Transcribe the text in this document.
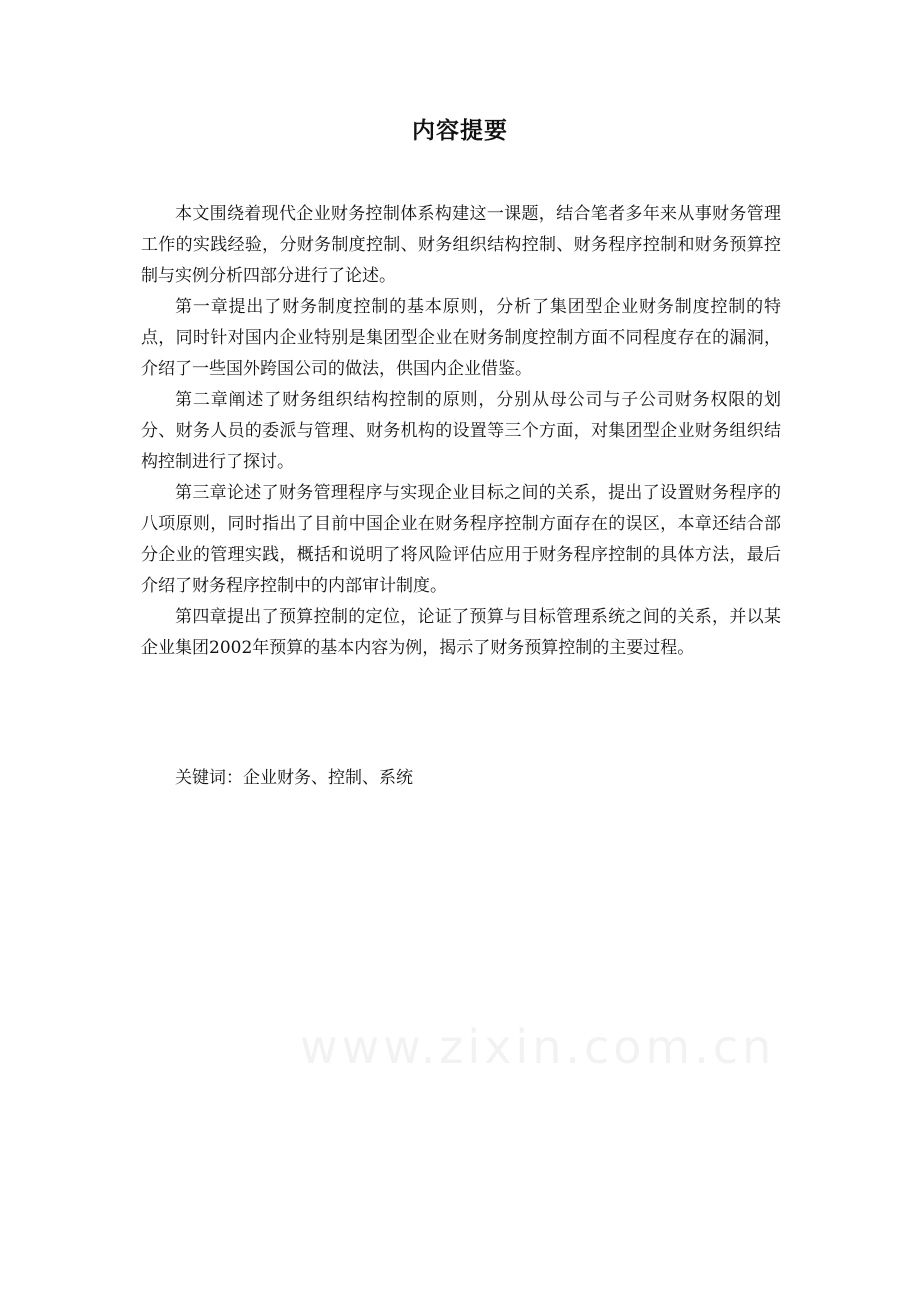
内容提要

本文围绕着现代企业财务控制体系构建这一课题，结合笔者多年来从事财务管理工作的实践经验，分财务制度控制、财务组织结构控制、财务程序控制和财务预算控制与实例分析四部分进行了论述。

第一章提出了财务制度控制的基本原则，分析了集团型企业财务制度控制的特点，同时针对国内企业特别是集团型企业在财务制度控制方面不同程度存在的漏洞，介绍了一些国外跨国公司的做法，供国内企业借鉴。

第二章阐述了财务组织结构控制的原则，分别从母公司与子公司财务权限的划分、财务人员的委派与管理、财务机构的设置等三个方面，对集团型企业财务组织结构控制进行了探讨。

第三章论述了财务管理程序与实现企业目标之间的关系，提出了设置财务程序的八项原则，同时指出了目前中国企业在财务程序控制方面存在的误区，本章还结合部分企业的管理实践，概括和说明了将风险评估应用于财务程序控制的具体方法，最后介绍了财务程序控制中的内部审计制度。

第四章提出了预算控制的定位，论证了预算与目标管理系统之间的关系，并以某企业集团2002年预算的基本内容为例，揭示了财务预算控制的主要过程。

关键词：企业财务、控制、系统
www.zixin.com.cn
